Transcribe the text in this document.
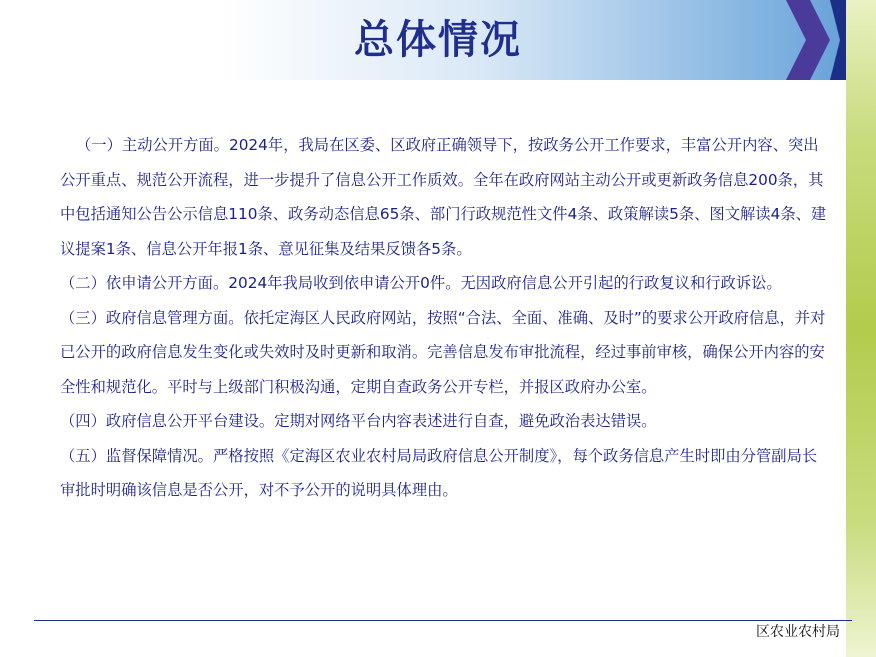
总体情况

（一）主动公开方面。2024年，我局在区委、区政府正确领导下，按政务公开工作要求，丰富公开内容、突出公开重点、规范公开流程，进一步提升了信息公开工作质效。全年在政府网站主动公开或更新政务信息200条，其中包括通知公告公示信息110条、政务动态信息65条、部门行政规范性文件4条、政策解读5条、图文解读4条、建议提案1条、信息公开年报1条、意见征集及结果反馈各5条。

（二）依申请公开方面。2024年我局收到依申请公开0件。无因政府信息公开引起的行政复议和行政诉讼。

（三）政府信息管理方面。依托定海区人民政府网站，按照“合法、全面、准确、及时”的要求公开政府信息，并对已公开的政府信息发生变化或失效时及时更新和取消。完善信息发布审批流程，经过事前审核，确保公开内容的安全性和规范化。平时与上级部门积极沟通，定期自查政务公开专栏，并报区政府办公室。

（四）政府信息公开平台建设。定期对网络平台内容表述进行自查，避免政治表达错误。

（五）监督保障情况。严格按照《定海区农业农村局局政府信息公开制度》，每个政务信息产生时即由分管副局长审批时明确该信息是否公开，对不予公开的说明具体理由。

区农业农村局
